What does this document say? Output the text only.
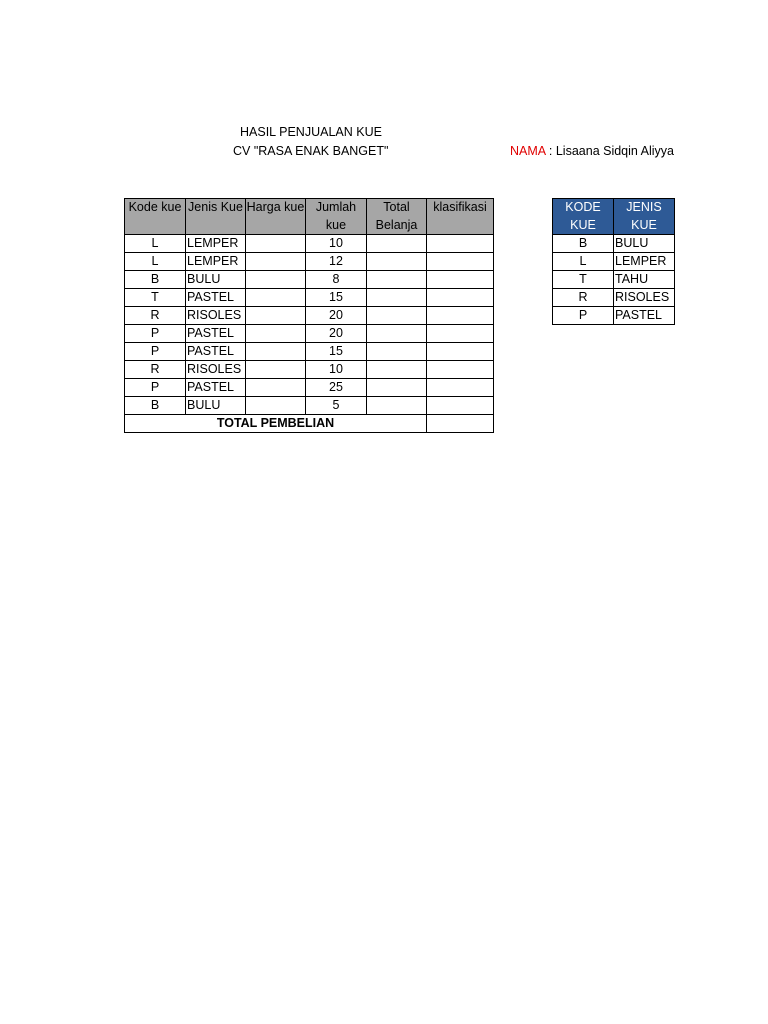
HASIL PENJUALAN KUE
CV "RASA ENAK BANGET"	NAMA : Lisaana Sidqin Aliyya
Kode kue	Jenis Kue	Harga kue	Jumlah kue	Total Belanja	klasifikasi
L	LEMPER		10		
L	LEMPER		12		
B	BULU		8		
T	PASTEL		15		
R	RISOLES		20		
P	PASTEL		20		
P	PASTEL		15		
R	RISOLES		10		
P	PASTEL		25		
B	BULU		5		
TOTAL PEMBELIAN					
KODE KUE	JENIS KUE
B	BULU
L	LEMPER
T	TAHU
R	RISOLES
P	PASTEL
